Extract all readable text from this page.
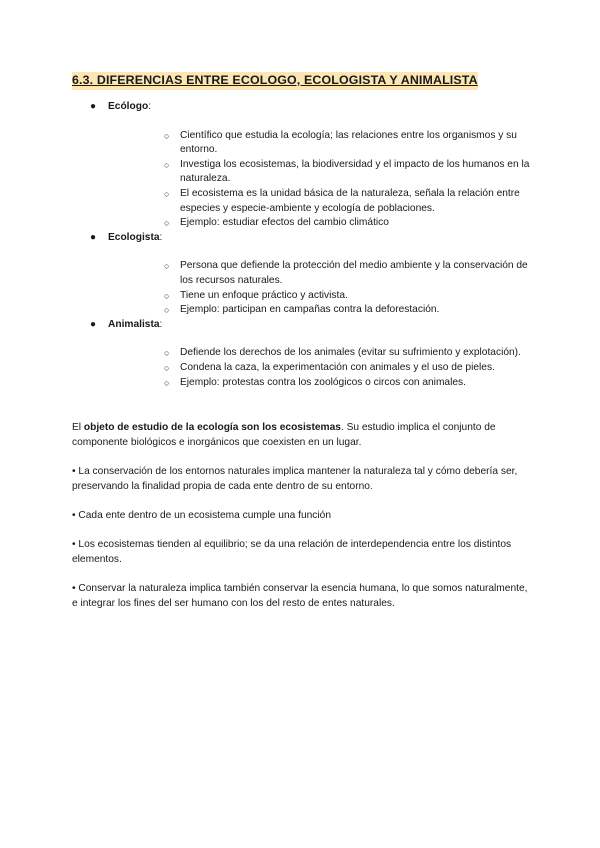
6.3. DIFERENCIAS ENTRE ECOLOGO, ECOLOGISTA Y ANIMALISTA
● Ecólogo:
○ Científico que estudia la ecología; las relaciones entre los organismos y su entorno.
○ Investiga los ecosistemas, la biodiversidad y el impacto de los humanos en la naturaleza.
○ El ecosistema es la unidad básica de la naturaleza, señala la relación entre especies y especie-ambiente y ecología de poblaciones.
○ Ejemplo: estudiar efectos del cambio climático
● Ecologista:
○ Persona que defiende la protección del medio ambiente y la conservación de los recursos naturales.
○ Tiene un enfoque práctico y activista.
○ Ejemplo: participan en campañas contra la deforestación.
● Animalista:
○ Defiende los derechos de los animales (evitar su sufrimiento y explotación).
○ Condena la caza, la experimentación con animales y el uso de pieles.
○ Ejemplo: protestas contra los zoológicos o circos con animales.

El objeto de estudio de la ecología son los ecosistemas. Su estudio implica el conjunto de componente biológicos e inorgánicos que coexisten en un lugar.

• La conservación de los entornos naturales implica mantener la naturaleza tal y cómo debería ser, preservando la finalidad propia de cada ente dentro de su entorno.

• Cada ente dentro de un ecosistema cumple una función

• Los ecosistemas tienden al equilibrio; se da una relación de interdependencia entre los distintos elementos.

• Conservar la naturaleza implica también conservar la esencia humana, lo que somos naturalmente, e integrar los fines del ser humano con los del resto de entes naturales.
